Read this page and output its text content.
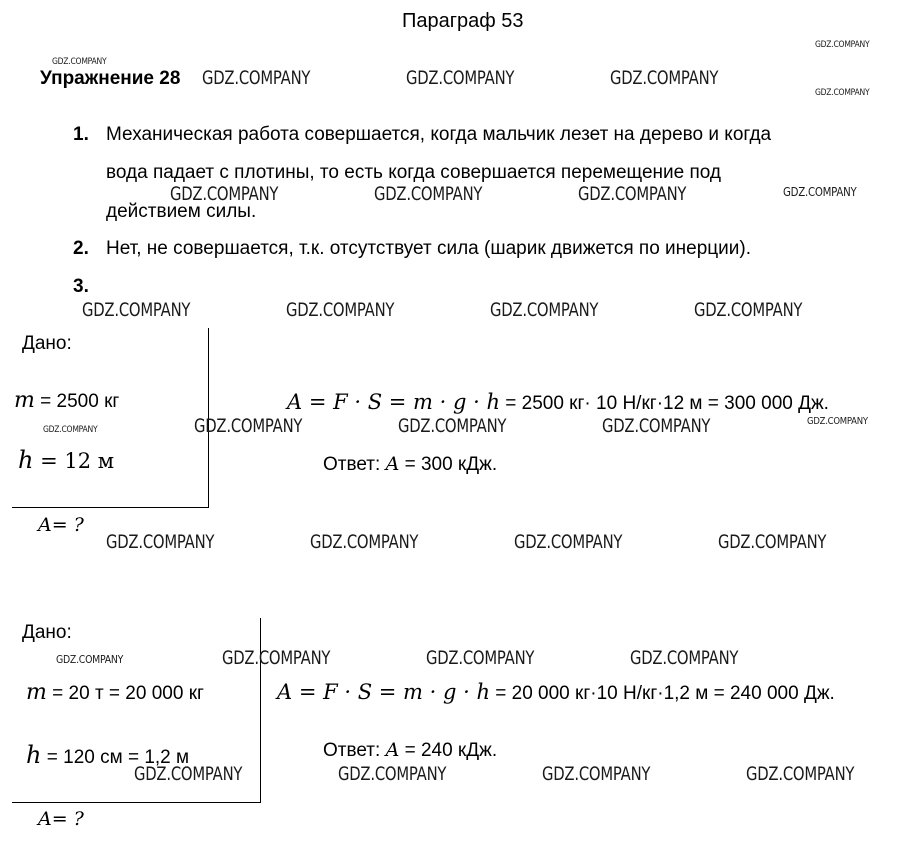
Параграф 53
Упражнение 28
1. Механическая работа совершается, когда мальчик лезет на дерево и когда
вода падает с плотины, то есть когда совершается перемещение под
действием силы.
2. Нет, не совершается, т.к. отсутствует сила (шарик движется по инерции).
3.
Дано:
m = 2500 кг
h = 12 м
A= ?
A = F · S = m · g · h = 2500 кг· 10 Н/кг·12 м = 300 000 Дж.
Ответ: A = 300 кДж.
Дано:
m = 20 т = 20 000 кг
h = 120 см = 1,2 м
A= ?
A = F · S = m · g · h = 20 000 кг·10 Н/кг·1,2 м = 240 000 Дж.
Ответ: A = 240 кДж.
GDZ.COMPANY
GDZ.COMPANY
GDZ.COMPANY
GDZ.COMPANY	GDZ.COMPANY	GDZ.COMPANY
GDZ.COMPANY	GDZ.COMPANY	GDZ.COMPANY	GDZ.COMPANY
GDZ.COMPANY	GDZ.COMPANY	GDZ.COMPANY	GDZ.COMPANY
GDZ.COMPANY	GDZ.COMPANY	GDZ.COMPANY	GDZ.COMPANY	GDZ.COMPANY
GDZ.COMPANY	GDZ.COMPANY	GDZ.COMPANY	GDZ.COMPANY
GDZ.COMPANY	GDZ.COMPANY	GDZ.COMPANY	GDZ.COMPANY
GDZ.COMPANY	GDZ.COMPANY	GDZ.COMPANY	GDZ.COMPANY
